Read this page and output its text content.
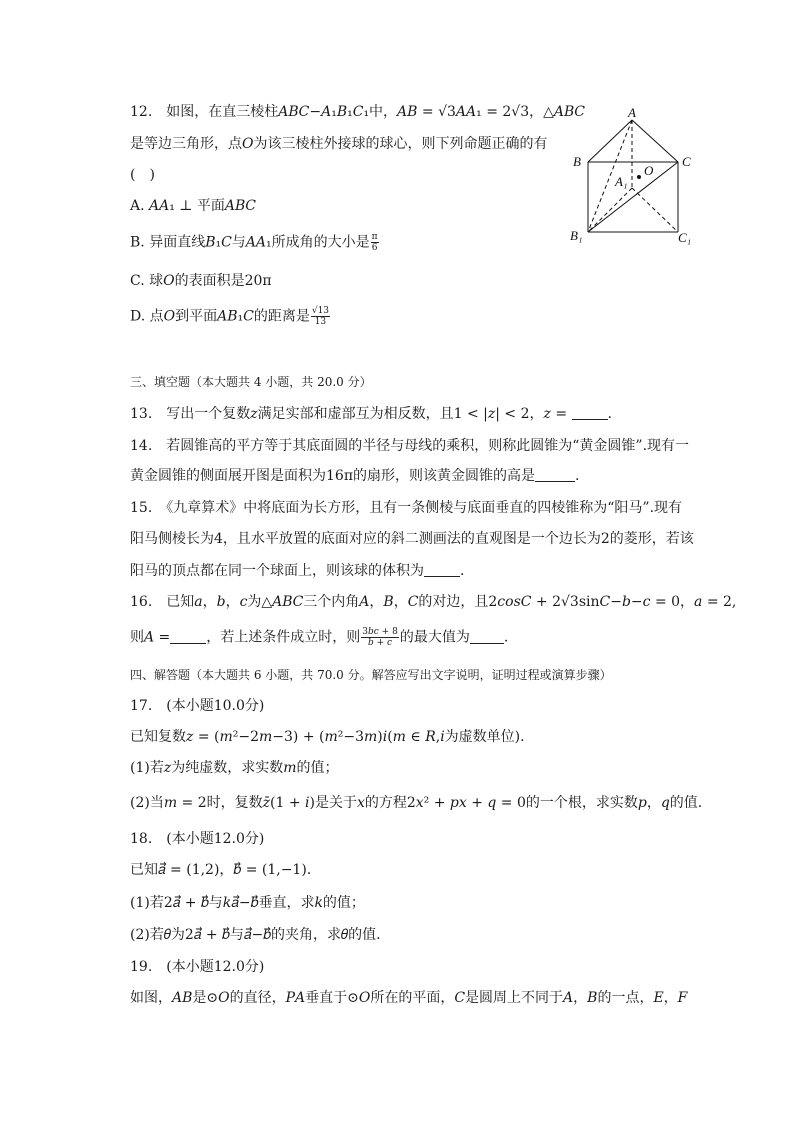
12.　如图，在直三棱柱𝐴𝐵𝐶−𝐴₁𝐵₁𝐶₁中，𝐴𝐵 = √3𝐴𝐴₁ = 2√3，△𝐴𝐵𝐶
是等边三角形，点𝑂为该三棱柱外接球的球心，则下列命题正确的有
(　)
A. 𝐴𝐴₁ ⊥ 平面𝐴𝐵𝐶
B. 异面直线𝐵₁𝐶与𝐴𝐴₁所成角的大小是 $\frac{\pi}{6}$
C. 球𝑂的表面积是20π
D. 点𝑂到平面𝐴𝐵₁𝐶的距离是 $\frac{√13}{13}$
A
B	C
O
A₁
B₁	C₁
三、填空题（本大题共 4 小题，共 20.0 分）
13.　写出一个复数𝑧满足实部和虚部互为相反数，且1 < |𝑧| < 2，𝑧 =	.
14.　若圆锥高的平方等于其底面圆的半径与母线的乘积，则称此圆锥为“黄金圆锥”.现有一
黄金圆锥的侧面展开图是面积为16π的扇形，则该黄金圆锥的高是	.
15.　《九章算术》中将底面为长方形，且有一条侧棱与底面垂直的四棱锥称为“阳马”.现有
阳马侧棱长为4，且水平放置的底面对应的斜二测画法的直观图是一个边长为2的菱形，若该
阳马的顶点都在同一个球面上，则该球的体积为	.
16.　已知𝑎，𝑏，𝑐为△𝐴𝐵𝐶三个内角𝐴，𝐵，𝐶的对边，且2𝑐𝑜𝑠𝐶 + 2√3sin𝐶−𝑏−𝑐 = 0，𝑎 = 2,
则𝐴 =	，若上述条件成立时，则 $\frac{\text{3𝑏𝑐 + 8}}{\text{𝑏 + 𝑐}}$ 的最大值为 .
四、解答题（本大题共 6 小题，共 70.0 分。解答应写出文字说明，证明过程或演算步骤）
17.　(本小题10.0分)
已知复数𝑧 = (𝑚²−2𝑚−3) + (𝑚²−3𝑚)𝑖(𝑚 ∈ 𝑅,𝑖为虚数单位).
(1)若𝑧为纯虚数，求实数𝑚的值；
(2)当𝑚 = 2时，复数𝑧̄(1 + 𝑖)是关于𝑥的方程2𝑥² + 𝑝𝑥 + 𝑞 = 0的一个根，求实数𝑝，𝑞的值.
18.　(本小题12.0分)
已知𝑎⃗ = (1,2)，𝑏⃗ = (1,−1).
(1)若2𝑎⃗ + 𝑏⃗与𝑘𝑎⃗−𝑏⃗垂直，求𝑘的值；
(2)若𝜃为2𝑎⃗ + 𝑏⃗与𝑎⃗−𝑏⃗的夹角，求𝜃的值.
19.　(本小题12.0分)
如图，𝐴𝐵是⊙𝑂的直径，𝑃𝐴垂直于⊙𝑂所在的平面，𝐶是圆周上不同于𝐴，𝐵的一点，𝐸，𝐹
